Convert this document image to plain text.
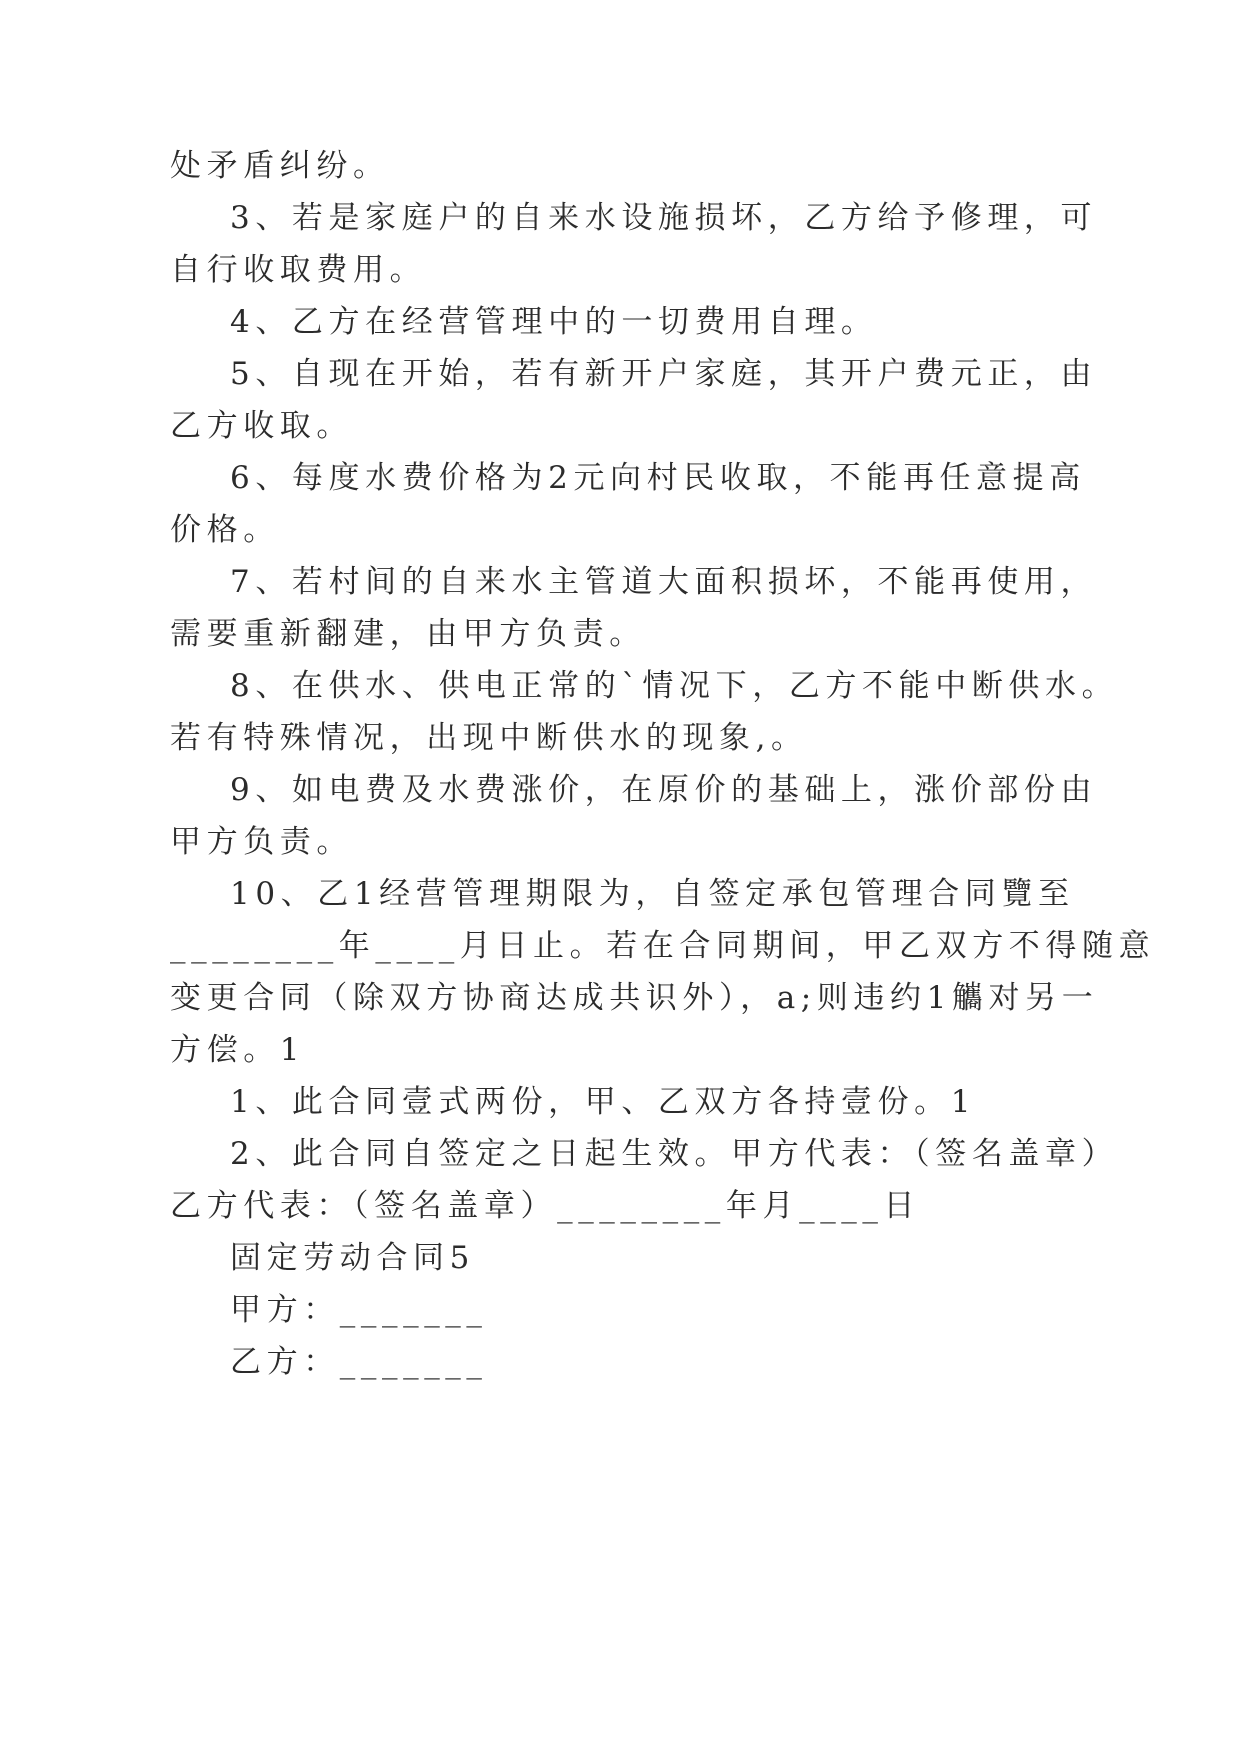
处矛盾纠纷。

3、若是家庭户的自来水设施损坏，乙方给予修理，可

自行收取费用。

4、乙方在经营管理中的一切费用自理。

5、自现在开始，若有新开户家庭，其开户费元正，由

乙方收取。

6、每度水费价格为2元向村民收取，不能再任意提高

价格。

7、若村间的自来水主管道大面积损坏，不能再使用，

需要重新翻建，由甲方负责。

8、在供水、供电正常的`情况下，乙方不能中断供水。

若有特殊情况，出现中断供水的现象,。

9、如电费及水费涨价，在原价的基础上，涨价部份由

甲方负责。

10、乙1经营管理期限为，自签定承包管理合同覽至

________年____月日止。若在合同期间，甲乙双方不得随意

变更合同（除双方协商达成共识外），a;则违约1觿对另一

方偿。1

1、此合同壹式两份，甲、乙双方各持壹份。1

2、此合同自签定之日起生效。甲方代表：（签名盖章）

乙方代表：（签名盖章）________年月____日

固定劳动合同5

甲方：_______

乙方：_______
